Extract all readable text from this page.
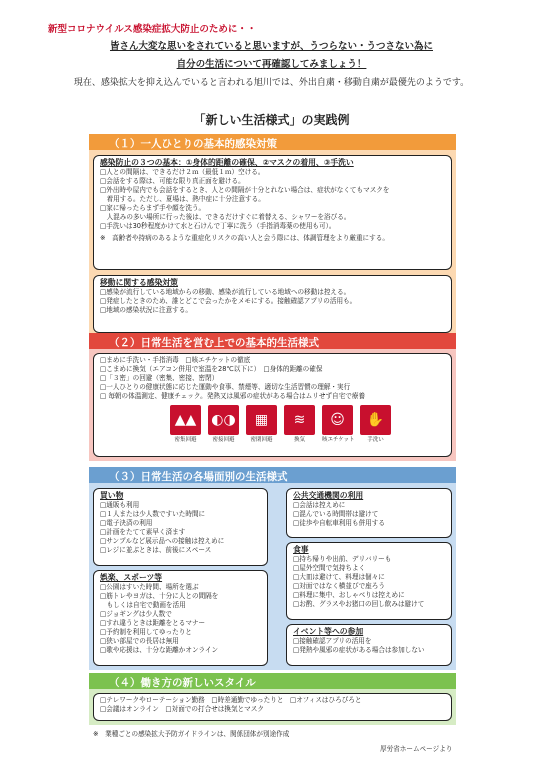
新型コロナウイルス感染症拡大防止のために・・
皆さん大変な思いをされていると思いますが、うつらない・うつさない為に
自分の生活について再確認してみましょう！
現在、感染拡大を抑え込んでいると言われる旭川では、外出自粛・移動自粛が最優先のようです。
「新しい生活様式」の実践例
（１）一人ひとりの基本的感染対策
感染防止の３つの基本：①身体的距離の確保、②マスクの着用、③手洗い
□人との間隔は、できるだけ２ｍ（最低１ｍ）空ける。
□会話をする際は、可能な限り真正面を避ける。
□外出時や屋内でも会話をするとき、人との間隔が十分とれない場合は、症状がなくてもマスクを
　着用する。ただし、夏場は、熱中症に十分注意する。
□家に帰ったらまず手や顔を洗う。
　人混みの多い場所に行った後は、できるだけすぐに着替える、シャワーを浴びる。
□手洗いは30秒程度かけて水と石けんで丁寧に洗う（手指消毒薬の使用も可）。
※　高齢者や持病のあるような重症化リスクの高い人と会う際には、体調管理をより厳重にする。
移動に関する感染対策
□感染が流行している地域からの移動、感染が流行している地域への移動は控える。
□発症したときのため、誰とどこで会ったかをメモにする。接触確認アプリの活用も。
□地域の感染状況に注意する。
（２）日常生活を営む上での基本的生活様式
□まめに手洗い・手指消毒　□咳エチケットの徹底
□こまめに換気（エアコン併用で室温を28℃以下に）　□身体的距離の確保
□「３密」の回避（密集、密接、密閉）
□一人ひとりの健康状態に応じた運動や食事、禁煙等、適切な生活習慣の理解・実行
□ 毎朝の体温測定、健康チェック。発熱又は風邪の症状がある場合はムリせず自宅で療養
▲▲
密集回避
◐◑
密接回避
▦
密閉回避
≋
換気
☺
咳エチケット
✋
手洗い
（３）日常生活の各場面別の生活様式
買い物
□通販も利用
□１人または少人数ですいた時間に
□電子決済の利用
□計画をたてて素早く済ます
□サンプルなど展示品への接触は控えめに
□レジに並ぶときは、前後にスペース
娯楽、スポーツ等
□公園はすいた時間、場所を選ぶ
□筋トレやヨガは、十分に人との間隔を
　もしくは自宅で動画を活用
□ジョギングは少人数で
□すれ違うときは距離をとるマナー
□予約制を利用してゆったりと
□狭い部屋での長居は無用
□歌や応援は、十分な距離かオンライン
公共交通機関の利用
□会話は控えめに
□混んでいる時間帯は避けて
□徒歩や自転車利用も併用する
食事
□持ち帰りや出前、デリバリーも
□屋外空間で気持ちよく
□大皿は避けて、料理は個々に
□対面ではなく横並びで座ろう
□料理に集中、おしゃべりは控えめに
□お酌、グラスやお猪口の回し飲みは避けて
イベント等への参加
□接触確認アプリの活用を
□発熱や風邪の症状がある場合は参加しない
（４）働き方の新しいスタイル
□テレワークやローテーション勤務　□時差通勤でゆったりと　□オフィスはひろびろと
□会議はオンライン　□対面での打合せは換気とマスク
※　業種ごとの感染拡大予防ガイドラインは、関係団体が別途作成
厚労省ホームページより
